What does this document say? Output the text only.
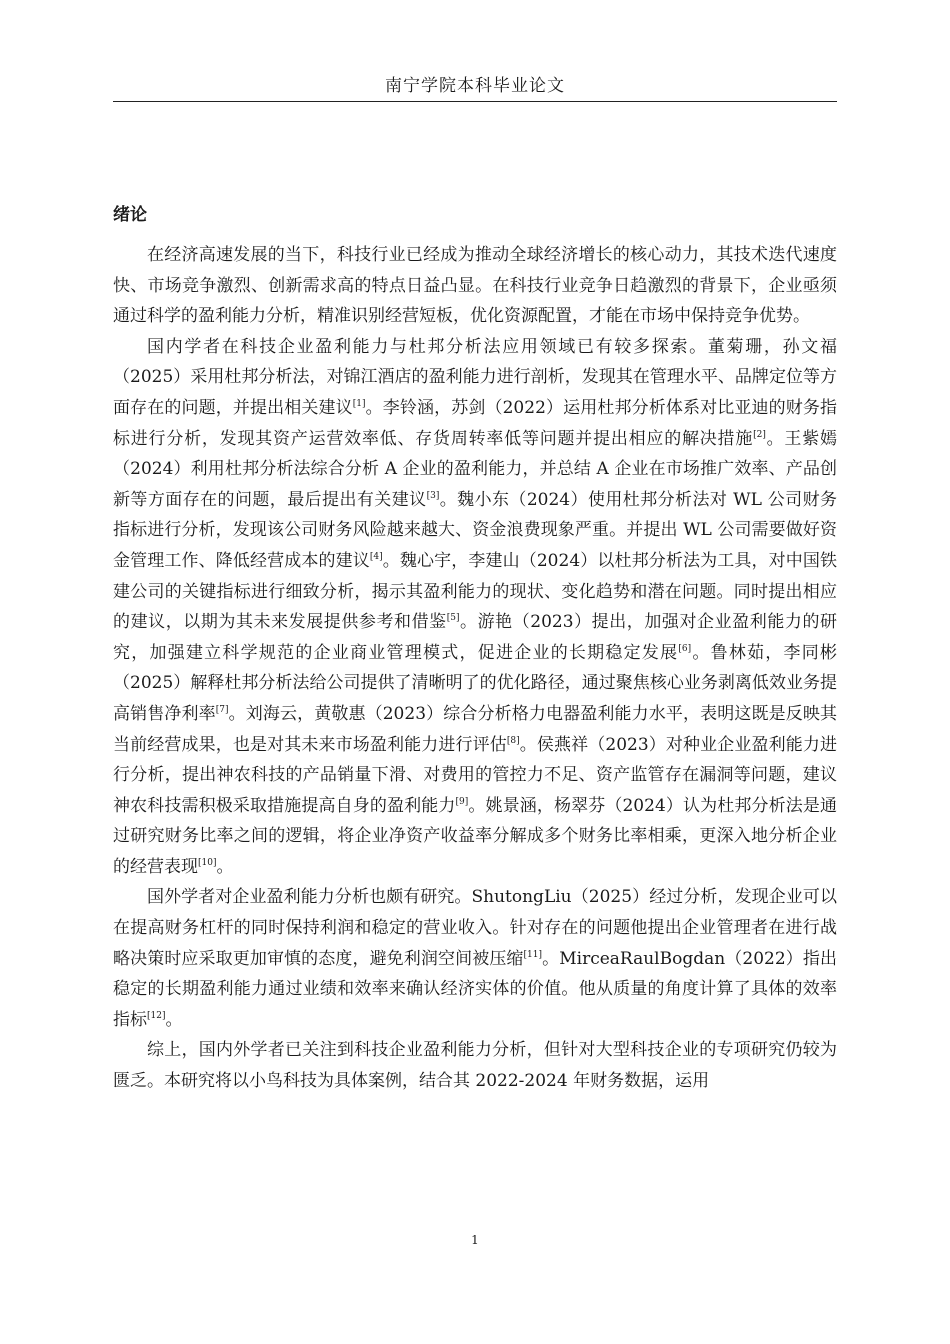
南宁学院本科毕业论文
绪论

在经济高速发展的当下，科技行业已经成为推动全球经济增长的核心动力，其技术迭代速度快、市场竞争激烈、创新需求高的特点日益凸显。在科技行业竞争日趋激烈的背景下，企业亟须通过科学的盈利能力分析，精准识别经营短板，优化资源配置，才能在市场中保持竞争优势。

国内学者在科技企业盈利能力与杜邦分析法应用领域已有较多探索。董菊珊，孙文福（2025）采用杜邦分析法，对锦江酒店的盈利能力进行剖析，发现其在管理水平、品牌定位等方面存在的问题，并提出相关建议[1]。李铃涵，苏剑（2022）运用杜邦分析体系对比亚迪的财务指标进行分析，发现其资产运营效率低、存货周转率低等问题并提出相应的解决措施[2]。王紫嫣（2024）利用杜邦分析法综合分析 A 企业的盈利能力，并总结 A 企业在市场推广效率、产品创新等方面存在的问题，最后提出有关建议[3]。魏小东（2024）使用杜邦分析法对 WL 公司财务指标进行分析，发现该公司财务风险越来越大、资金浪费现象严重。并提出 WL 公司需要做好资金管理工作、降低经营成本的建议[4]。魏心宇，李建山（2024）以杜邦分析法为工具，对中国铁建公司的关键指标进行细致分析，揭示其盈利能力的现状、变化趋势和潜在问题。同时提出相应的建议，以期为其未来发展提供参考和借鉴[5]。游艳（2023）提出，加强对企业盈利能力的研究，加强建立科学规范的企业商业管理模式，促进企业的长期稳定发展[6]。鲁林茹，李同彬（2025）解释杜邦分析法给公司提供了清晰明了的优化路径，通过聚焦核心业务剥离低效业务提高销售净利率[7]。刘海云，黄敬惠（2023）综合分析格力电器盈利能力水平，表明这既是反映其当前经营成果，也是对其未来市场盈利能力进行评估[8]。侯燕祥（2023）对种业企业盈利能力进行分析，提出神农科技的产品销量下滑、对费用的管控力不足、资产监管存在漏洞等问题，建议神农科技需积极采取措施提高自身的盈利能力[9]。姚景涵，杨翠芬（2024）认为杜邦分析法是通过研究财务比率之间的逻辑，将企业净资产收益率分解成多个财务比率相乘，更深入地分析企业的经营表现[10]。

国外学者对企业盈利能力分析也颇有研究。ShutongLiu（2025）经过分析，发现企业可以在提高财务杠杆的同时保持利润和稳定的营业收入。针对存在的问题他提出企业管理者在进行战略决策时应采取更加审慎的态度，避免利润空间被压缩[11]。MirceaRaulBogdan（2022）指出稳定的长期盈利能力通过业绩和效率来确认经济实体的价值。他从质量的角度计算了具体的效率指标[12]。

综上，国内外学者已关注到科技企业盈利能力分析，但针对大型科技企业的专项研究仍较为匮乏。本研究将以小鸟科技为具体案例，结合其 2022-2024 年财务数据，运用

1
